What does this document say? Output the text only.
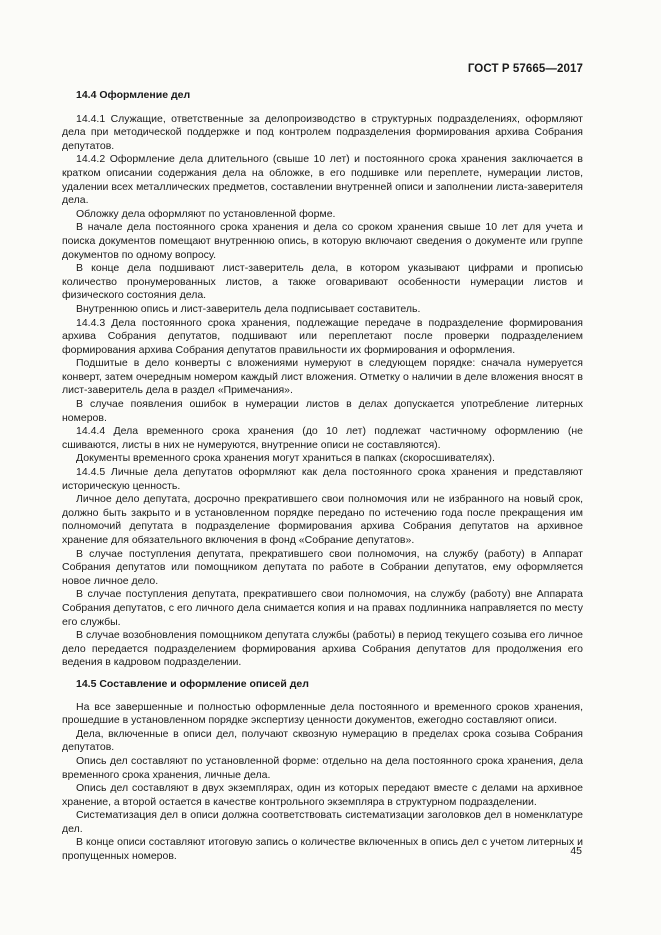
ГОСТ Р 57665—2017
14.4 Оформление дел

14.4.1 Служащие, ответственные за делопроизводство в структурных подразделениях, оформляют дела при методической поддержке и под контролем подразделения формирования архива Собрания депутатов.

14.4.2 Оформление дела длительного (свыше 10 лет) и постоянного срока хранения заключается в кратком описании содержания дела на обложке, в его подшивке или переплете, нумерации листов, удалении всех металлических предметов, составлении внутренней описи и заполнении листа-заверителя дела.

Обложку дела оформляют по установленной форме.

В начале дела постоянного срока хранения и дела со сроком хранения свыше 10 лет для учета и поиска документов помещают внутреннюю опись, в которую включают сведения о документе или группе документов по одному вопросу.

В конце дела подшивают лист-заверитель дела, в котором указывают цифрами и прописью количество пронумерованных листов, а также оговаривают особенности нумерации листов и физического состояния дела.

Внутреннюю опись и лист-заверитель дела подписывает составитель.

14.4.3 Дела постоянного срока хранения, подлежащие передаче в подразделение формирования архива Собрания депутатов, подшивают или переплетают после проверки подразделением формирования архива Собрания депутатов правильности их формирования и оформления.

Подшитые в дело конверты с вложениями нумеруют в следующем порядке: сначала нумеруется конверт, затем очередным номером каждый лист вложения. Отметку о наличии в деле вложения вносят в лист-заверитель дела в раздел «Примечания».

В случае появления ошибок в нумерации листов в делах допускается употребление литерных номеров.

14.4.4 Дела временного срока хранения (до 10 лет) подлежат частичному оформлению (не сшиваются, листы в них не нумеруются, внутренние описи не составляются).

Документы временного срока хранения могут храниться в папках (скоросшивателях).

14.4.5 Личные дела депутатов оформляют как дела постоянного срока хранения и представляют историческую ценность.

Личное дело депутата, досрочно прекратившего свои полномочия или не избранного на новый срок, должно быть закрыто и в установленном порядке передано по истечению года после прекращения им полномочий депутата в подразделение формирования архива Собрания депутатов на архивное хранение для обязательного включения в фонд «Собрание депутатов».

В случае поступления депутата, прекратившего свои полномочия, на службу (работу) в Аппарат Собрания депутатов или помощником депутата по работе в Собрании депутатов, ему оформляется новое личное дело.

В случае поступления депутата, прекратившего свои полномочия, на службу (работу) вне Аппарата Собрания депутатов, с его личного дела снимается копия и на правах подлинника направляется по месту его службы.

В случае возобновления помощником депутата службы (работы) в период текущего созыва его личное дело передается подразделением формирования архива Собрания депутатов для продолжения его ведения в кадровом подразделении.

14.5 Составление и оформление описей дел

На все завершенные и полностью оформленные дела постоянного и временного сроков хранения, прошедшие в установленном порядке экспертизу ценности документов, ежегодно составляют описи.

Дела, включенные в описи дел, получают сквозную нумерацию в пределах срока созыва Собрания депутатов.

Опись дел составляют по установленной форме: отдельно на дела постоянного срока хранения, дела временного срока хранения, личные дела.

Опись дел составляют в двух экземплярах, один из которых передают вместе с делами на архивное хранение, а второй остается в качестве контрольного экземпляра в структурном подразделении.

Систематизация дел в описи должна соответствовать систематизации заголовков дел в номенклатуре дел.

В конце описи составляют итоговую запись о количестве включенных в опись дел с учетом литерных и пропущенных номеров.	45
